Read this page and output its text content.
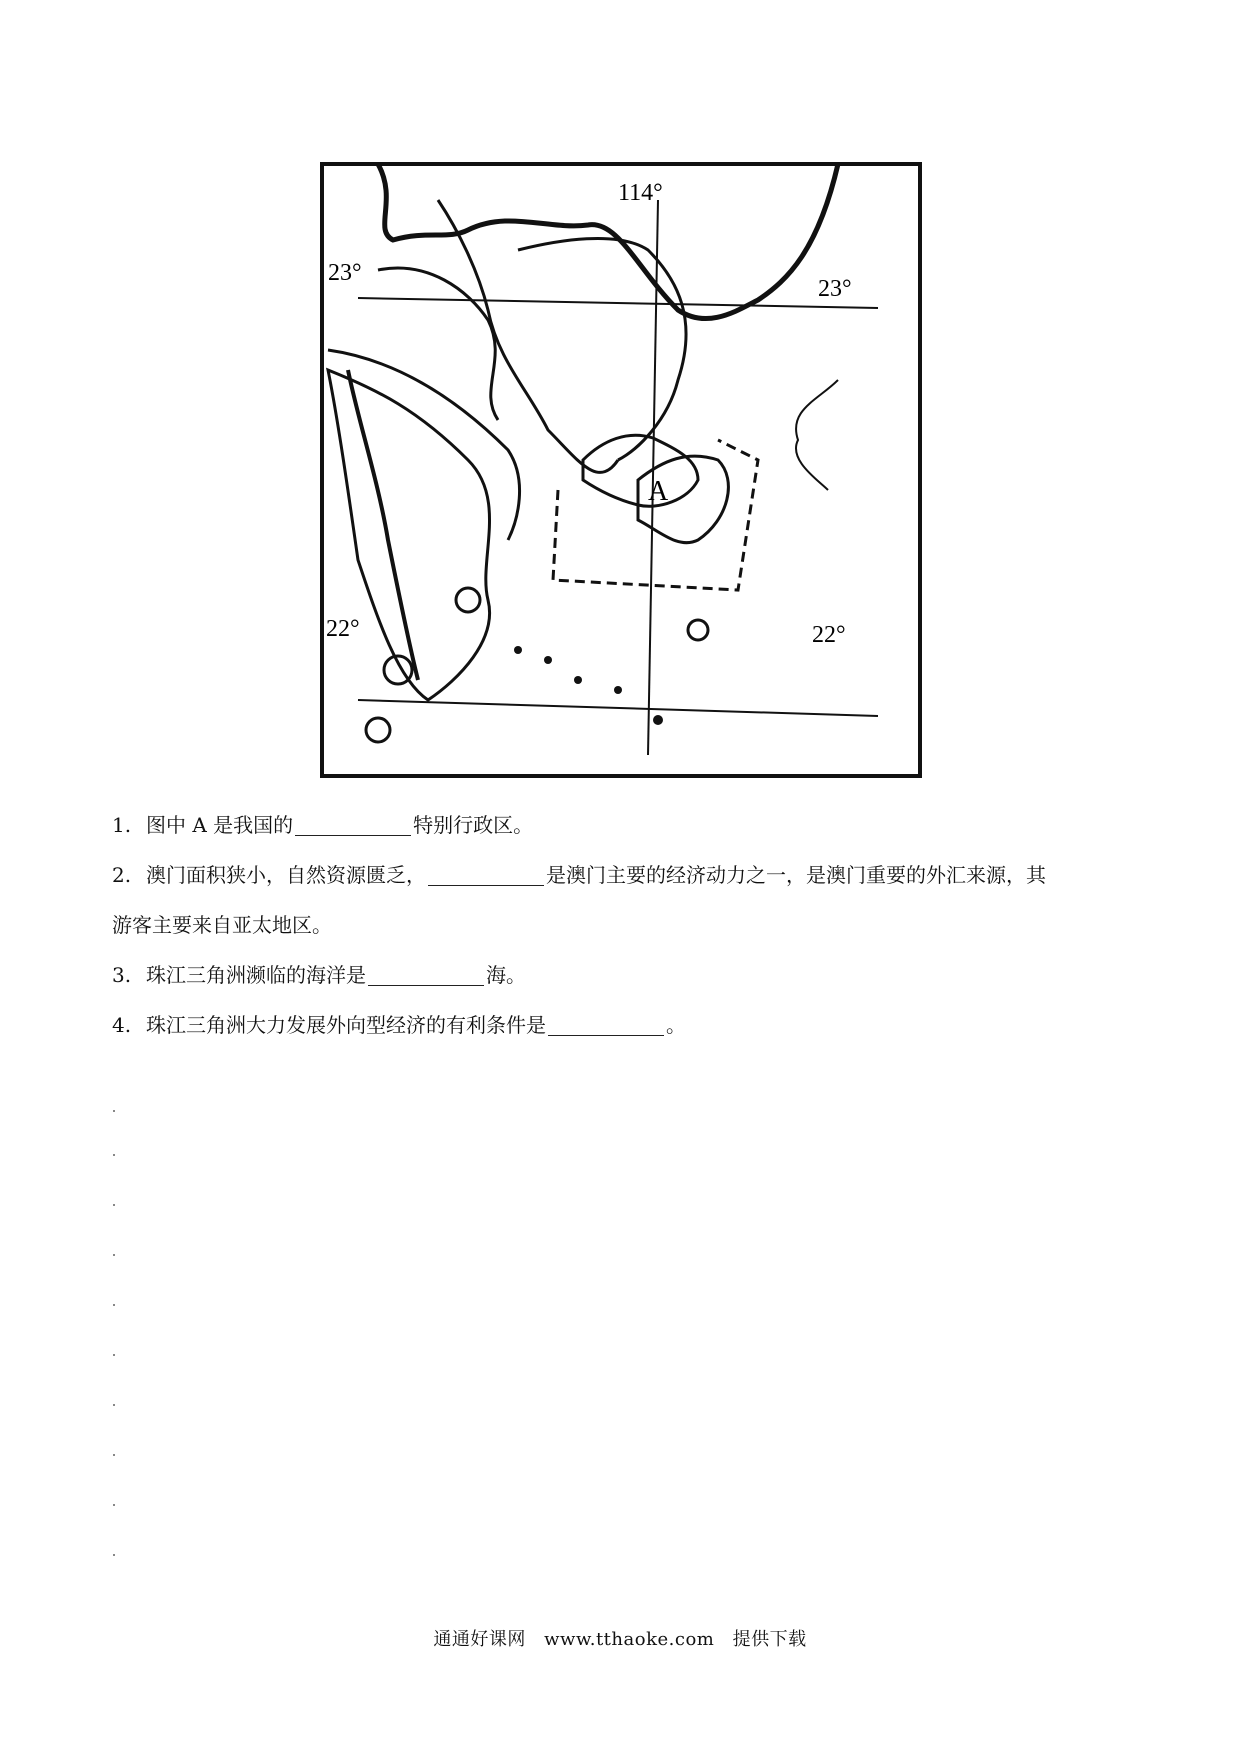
23°
23°
22°	22°
114°
A

1. 图中 A 是我国的	特别行政区。

2. 澳门面积狭小，自然资源匮乏，	是澳门主要的经济动力之一，是澳门重要的外汇来源，其

游客主要来自亚太地区。

3. 珠江三角洲濒临的海洋是	海。

4. 珠江三角洲大力发展外向型经济的有利条件是	。

通通好课网 www.tthaoke.com 提供下载
